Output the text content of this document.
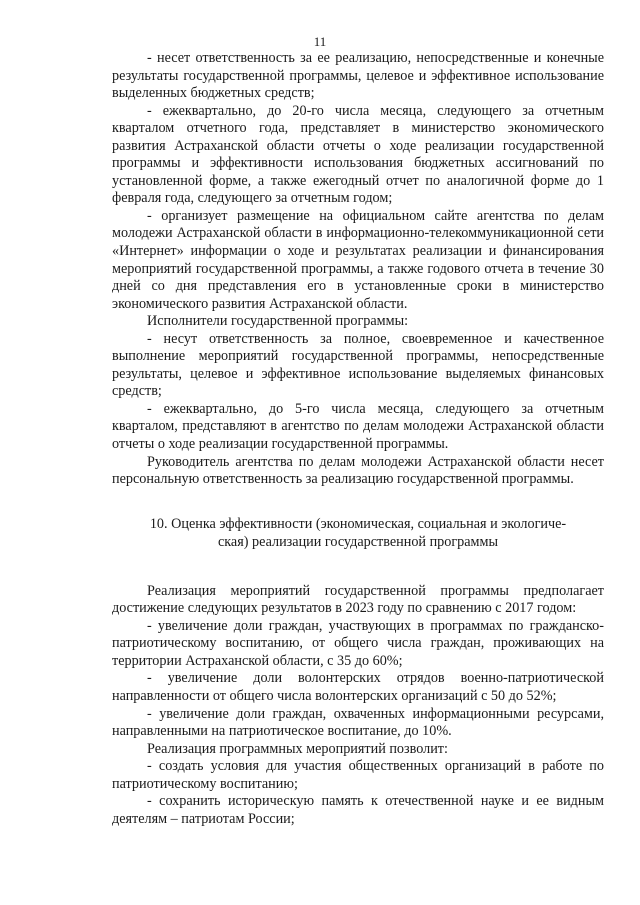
11

- несет ответственность за ее реализацию, непосредственные и конечные результаты государственной программы, целевое и эффективное использование выделенных бюджетных средств;

- ежеквартально, до 20-го числа месяца, следующего за отчетным кварталом отчетного года, представляет в министерство экономического развития Астраханской области отчеты о ходе реализации государственной программы и эффективности использования бюджетных ассигнований по установленной форме, а также ежегодный отчет по аналогичной форме до 1 февраля года, следующего за отчетным годом;

- организует размещение на официальном сайте агентства по делам молодежи Астраханской области в информационно-телекоммуникационной сети «Интернет» информации о ходе и результатах реализации и финансирования мероприятий государственной программы, а также годового отчета в течение 30 дней со дня представления его в установленные сроки в министерство экономического развития Астраханской области.

Исполнители государственной программы:

- несут ответственность за полное, своевременное и качественное выполнение мероприятий государственной программы, непосредственные результаты, целевое и эффективное использование выделяемых финансовых средств;

- ежеквартально, до 5-го числа месяца, следующего за отчетным кварталом, представляют в агентство по делам молодежи Астраханской области отчеты о ходе реализации государственной программы.

Руководитель агентства по делам молодежи Астраханской области несет персональную ответственность за реализацию государственной программы.

10. Оценка эффективности (экономическая, социальная и экологиче-

ская) реализации государственной программы

Реализация мероприятий государственной программы предполагает достижение следующих результатов в 2023 году по сравнению с 2017 годом:

- увеличение доли граждан, участвующих в программах по гражданско-патриотическому воспитанию, от общего числа граждан, проживающих на территории Астраханской области, с 35 до 60%;

- увеличение доли волонтерских отрядов военно-патриотической направленности от общего числа волонтерских организаций с 50 до 52%;

- увеличение доли граждан, охваченных информационными ресурсами, направленными на патриотическое воспитание, до 10%.

Реализация программных мероприятий позволит:

- создать условия для участия общественных организаций в работе по патриотическому воспитанию;

- сохранить историческую память к отечественной науке и ее видным деятелям – патриотам России;
